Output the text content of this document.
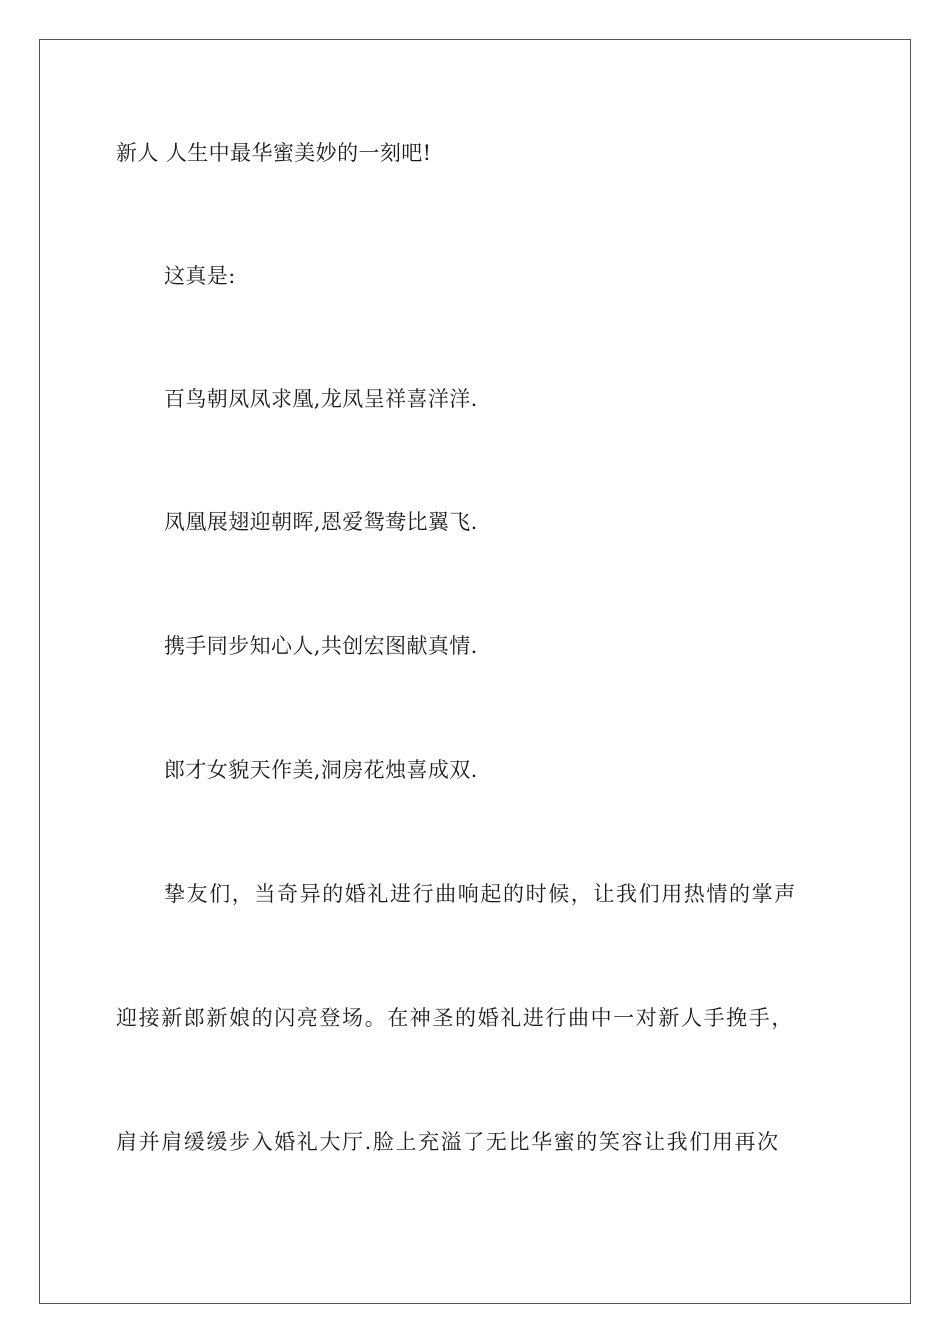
新人 人生中最华蜜美妙的一刻吧!
这真是:
百鸟朝凤凤求凰,龙凤呈祥喜洋洋.
凤凰展翅迎朝晖,恩爱鸳鸯比翼飞.
携手同步知心人,共创宏图献真情.
郎才女貌天作美,洞房花烛喜成双.
挚友们，当奇异的婚礼进行曲响起的时候，让我们用热情的掌声
迎接新郎新娘的闪亮登场。在神圣的婚礼进行曲中一对新人手挽手，
肩并肩缓缓步入婚礼大厅.脸上充溢了无比华蜜的笑容让我们用再次
